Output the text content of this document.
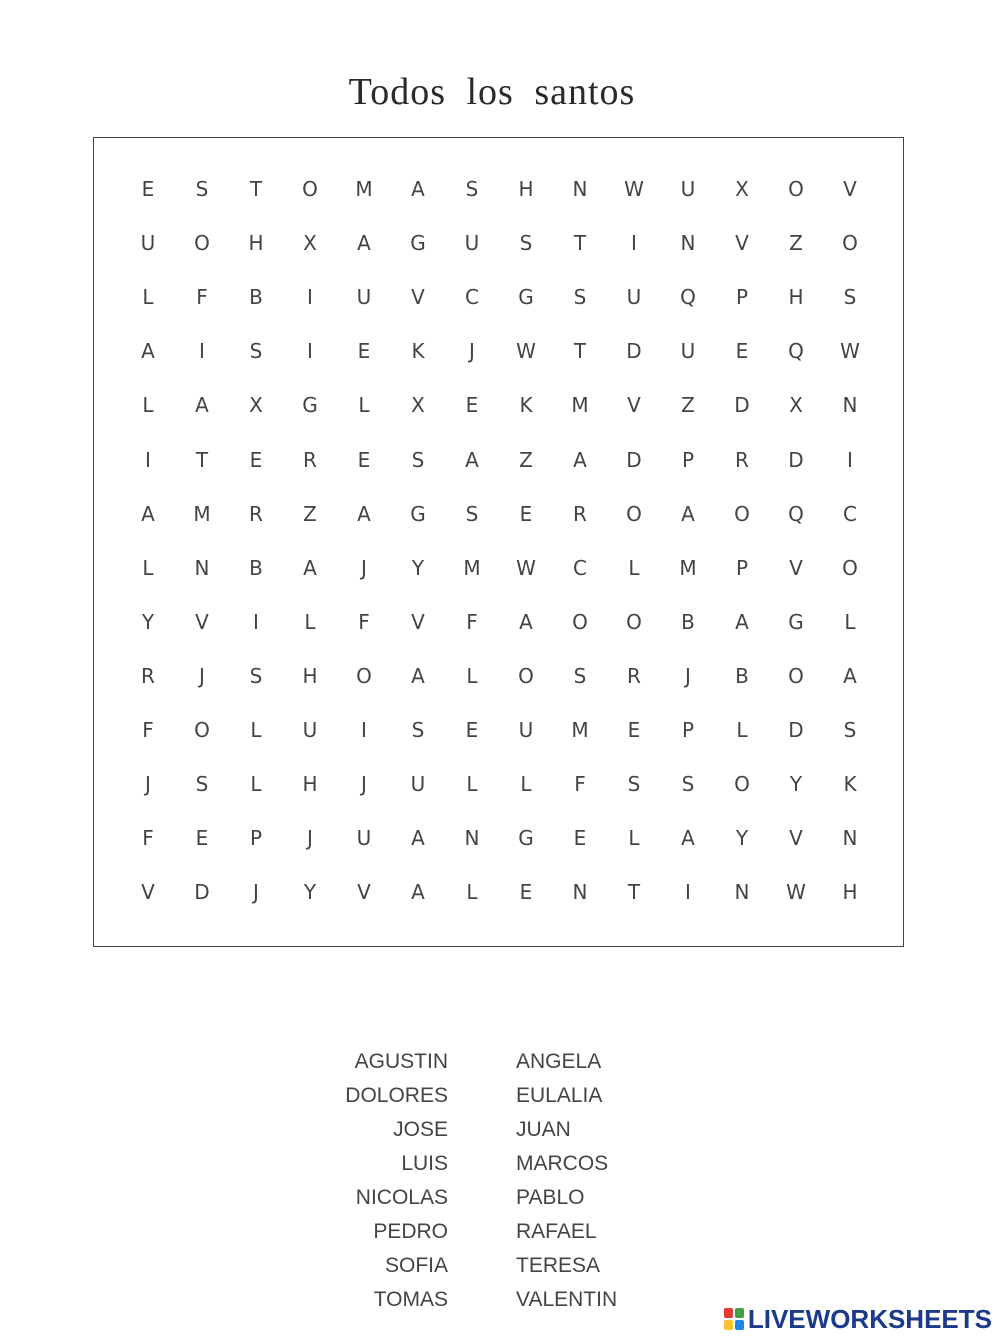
Todos los santos
E	S	T	O	M	A	S	H	N	W	U	X	O	V
U	O	H	X	A	G	U	S	T	I	N	V	Z	O
L	F	B	I	U	V	C	G	S	U	Q	P	H	S
A	I	S	I	E	K	J	W	T	D	U	E	Q	W
L	A	X	G	L	X	E	K	M	V	Z	D	X	N
I	T	E	R	E	S	A	Z	A	D	P	R	D	I
A	M	R	Z	A	G	S	E	R	O	A	O	Q	C
L	N	B	A	J	Y	M	W	C	L	M	P	V	O
Y	V	I	L	F	V	F	A	O	O	B	A	G	L
R	J	S	H	O	A	L	O	S	R	J	B	O	A
F	O	L	U	I	S	E	U	M	E	P	L	D	S
J	S	L	H	J	U	L	L	F	S	S	O	Y	K
F	E	P	J	U	A	N	G	E	L	A	Y	V	N
V	D	J	Y	V	A	L	E	N	T	I	N	W	H
AGUSTIN
DOLORES
JOSE
LUIS
NICOLAS
PEDRO
SOFIA
TOMAS
ANGELA
EULALIA
JUAN
MARCOS
PABLO
RAFAEL
TERESA
VALENTIN
LIVEWORKSHEETS
